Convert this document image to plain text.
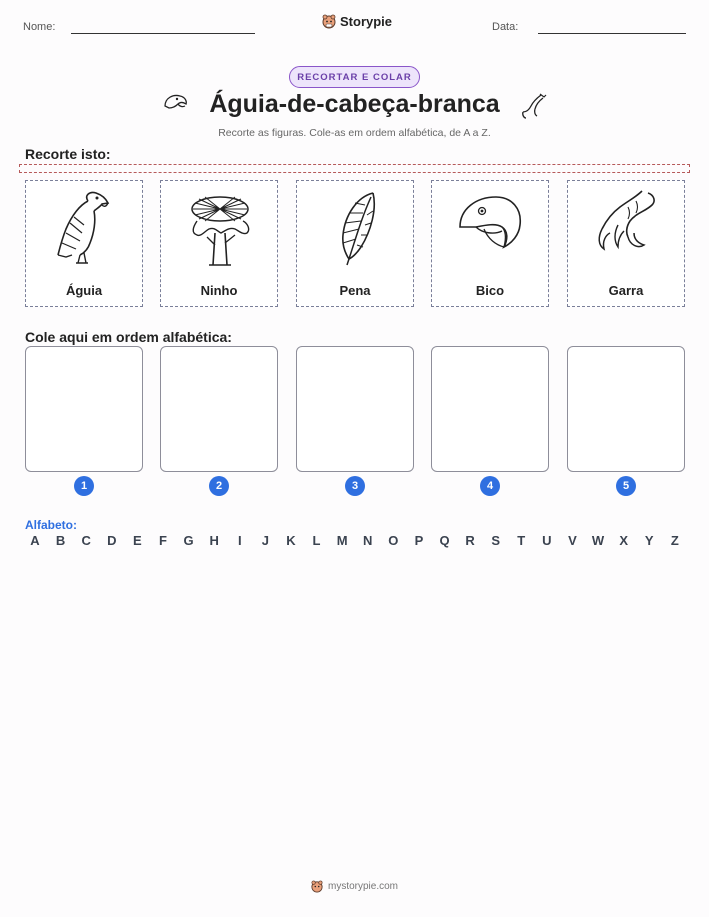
Nome:	Storypie	Data:
RECORTAR E COLAR
Águia-de-cabeça-branca
Recorte as figuras. Cole-as em ordem alfabética, de A a Z.
Recorte isto:
Águia	Ninho	Pena	Bico	Garra
Cole aqui em ordem alfabética:
1	2	3	4	5
Alfabeto:
A	B	C	D	E	F	G	H	I	J	K	L	M	N	O	P	Q	R	S	T	U	V	W	X	Y	Z
mystorypie.com
